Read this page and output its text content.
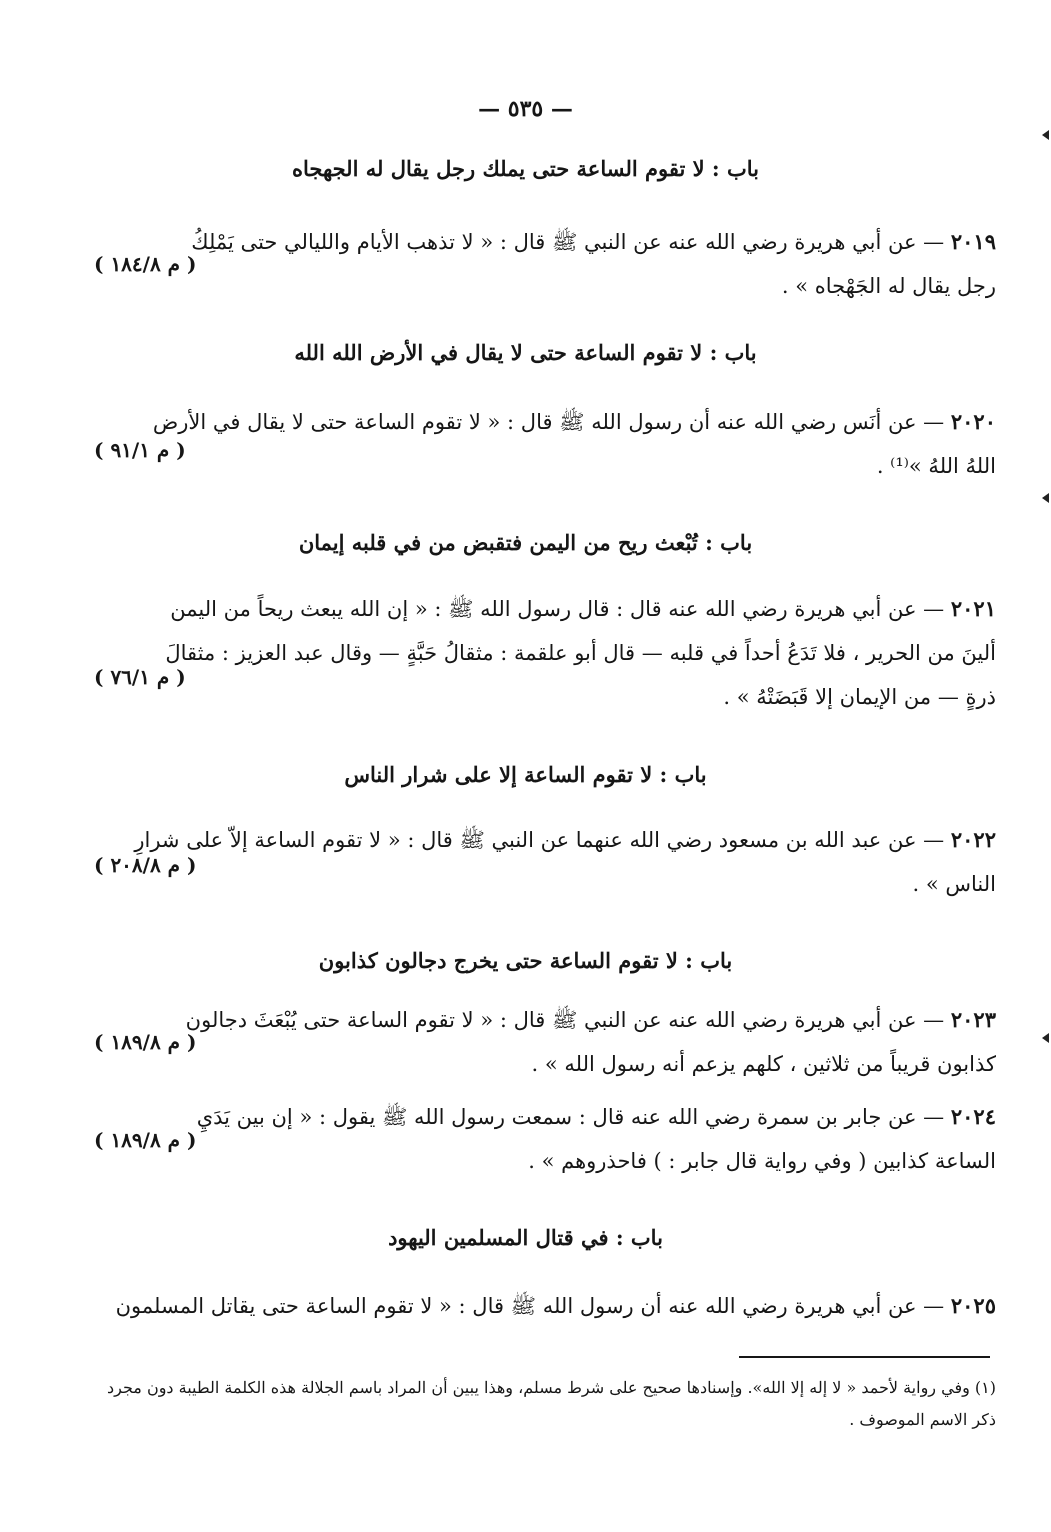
— ٥٣٥ —
باب : لا تقوم الساعة حتى يملك رجل يقال له الجهجاه
٢٠١٩ — عن أبي هريرة رضي الله عنه عن النبي ﷺ قال : « لا تذهب الأيام والليالي حتى يَمْلِكُ
رجل يقال له الجَهْجاه » .
( م ١٨٤/٨ )
باب : لا تقوم الساعة حتى لا يقال في الأرض الله الله
٢٠٢٠ — عن أنَس رضي الله عنه أن رسول الله ﷺ قال : « لا تقوم الساعة حتى لا يقال في الأرض
اللهُ اللهُ »⁽¹⁾ .
( م ٩١/١ )
باب : تُبْعث ريح من اليمن فتقبض من في قلبه إيمان
٢٠٢١ — عن أبي هريرة رضي الله عنه قال : قال رسول الله ﷺ : « إن الله يبعث ريحاً من اليمن
ألينَ من الحرير ، فلا تَدَعُ أحداً في قلبه — قال أبو علقمة : مثقالُ حَبَّةٍ — وقال عبد العزيز : مثقالَ
ذرةٍ — من الإيمان إلا قَبَضَتْهُ » .
( م ٧٦/١ )
باب : لا تقوم الساعة إلا على شرار الناس
٢٠٢٢ — عن عبد الله بن مسعود رضي الله عنهما عن النبي ﷺ قال : « لا تقوم الساعة إلاّ على شرارِ
الناس » .
( م ٢٠٨/٨ )
باب : لا تقوم الساعة حتى يخرج دجالون كذابون
٢٠٢٣ — عن أبي هريرة رضي الله عنه عن النبي ﷺ قال : « لا تقوم الساعة حتى يُبْعَثَ دجالون
كذابون قريباً من ثلاثين ، كلهم يزعم أنه رسول الله » .
( م ١٨٩/٨ )
٢٠٢٤ — عن جابر بن سمرة رضي الله عنه قال : سمعت رسول الله ﷺ يقول : « إن بين يَدَيِ
الساعة كذابين ( وفي رواية قال جابر : ) فاحذروهم » .
( م ١٨٩/٨ )
باب : في قتال المسلمين اليهود
٢٠٢٥ — عن أبي هريرة رضي الله عنه أن رسول الله ﷺ قال : « لا تقوم الساعة حتى يقاتل المسلمون
(١) وفي رواية لأحمد « لا إله إلا الله». وإسنادها صحيح على شرط مسلم، وهذا يبين أن المراد باسم الجلالة هذه الكلمة الطيبة دون مجرد
ذكر الاسم الموصوف .
